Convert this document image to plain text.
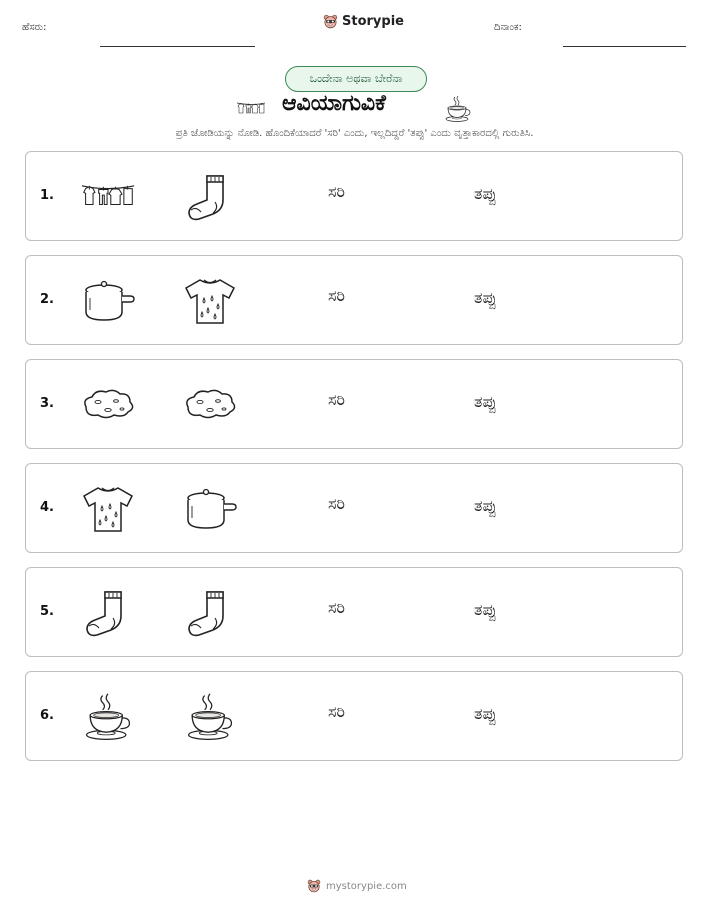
ಹೆಸರು:	Storypie	ದಿನಾಂಕ:
ಒಂದೇನಾ ಅಥವಾ ಬೇರೆನಾ
ಆವಿಯಾಗುವಿಕೆ
ಪ್ರತಿ ಜೋಡಿಯನ್ನು ನೋಡಿ. ಹೊಂದಿಕೆಯಾದರೆ 'ಸರಿ' ಎಂದು, ಇಲ್ಲದಿದ್ದರೆ 'ತಪ್ಪು' ಎಂದು ವೃತ್ತಾಕಾರದಲ್ಲಿ ಗುರುತಿಸಿ.
1.	ಸರಿ	ತಪ್ಪು
2.	ಸರಿ	ತಪ್ಪು
3.	ಸರಿ	ತಪ್ಪು
4.	ಸರಿ	ತಪ್ಪು
5.	ಸರಿ	ತಪ್ಪು
6.	ಸರಿ	ತಪ್ಪು
mystorypie.com
